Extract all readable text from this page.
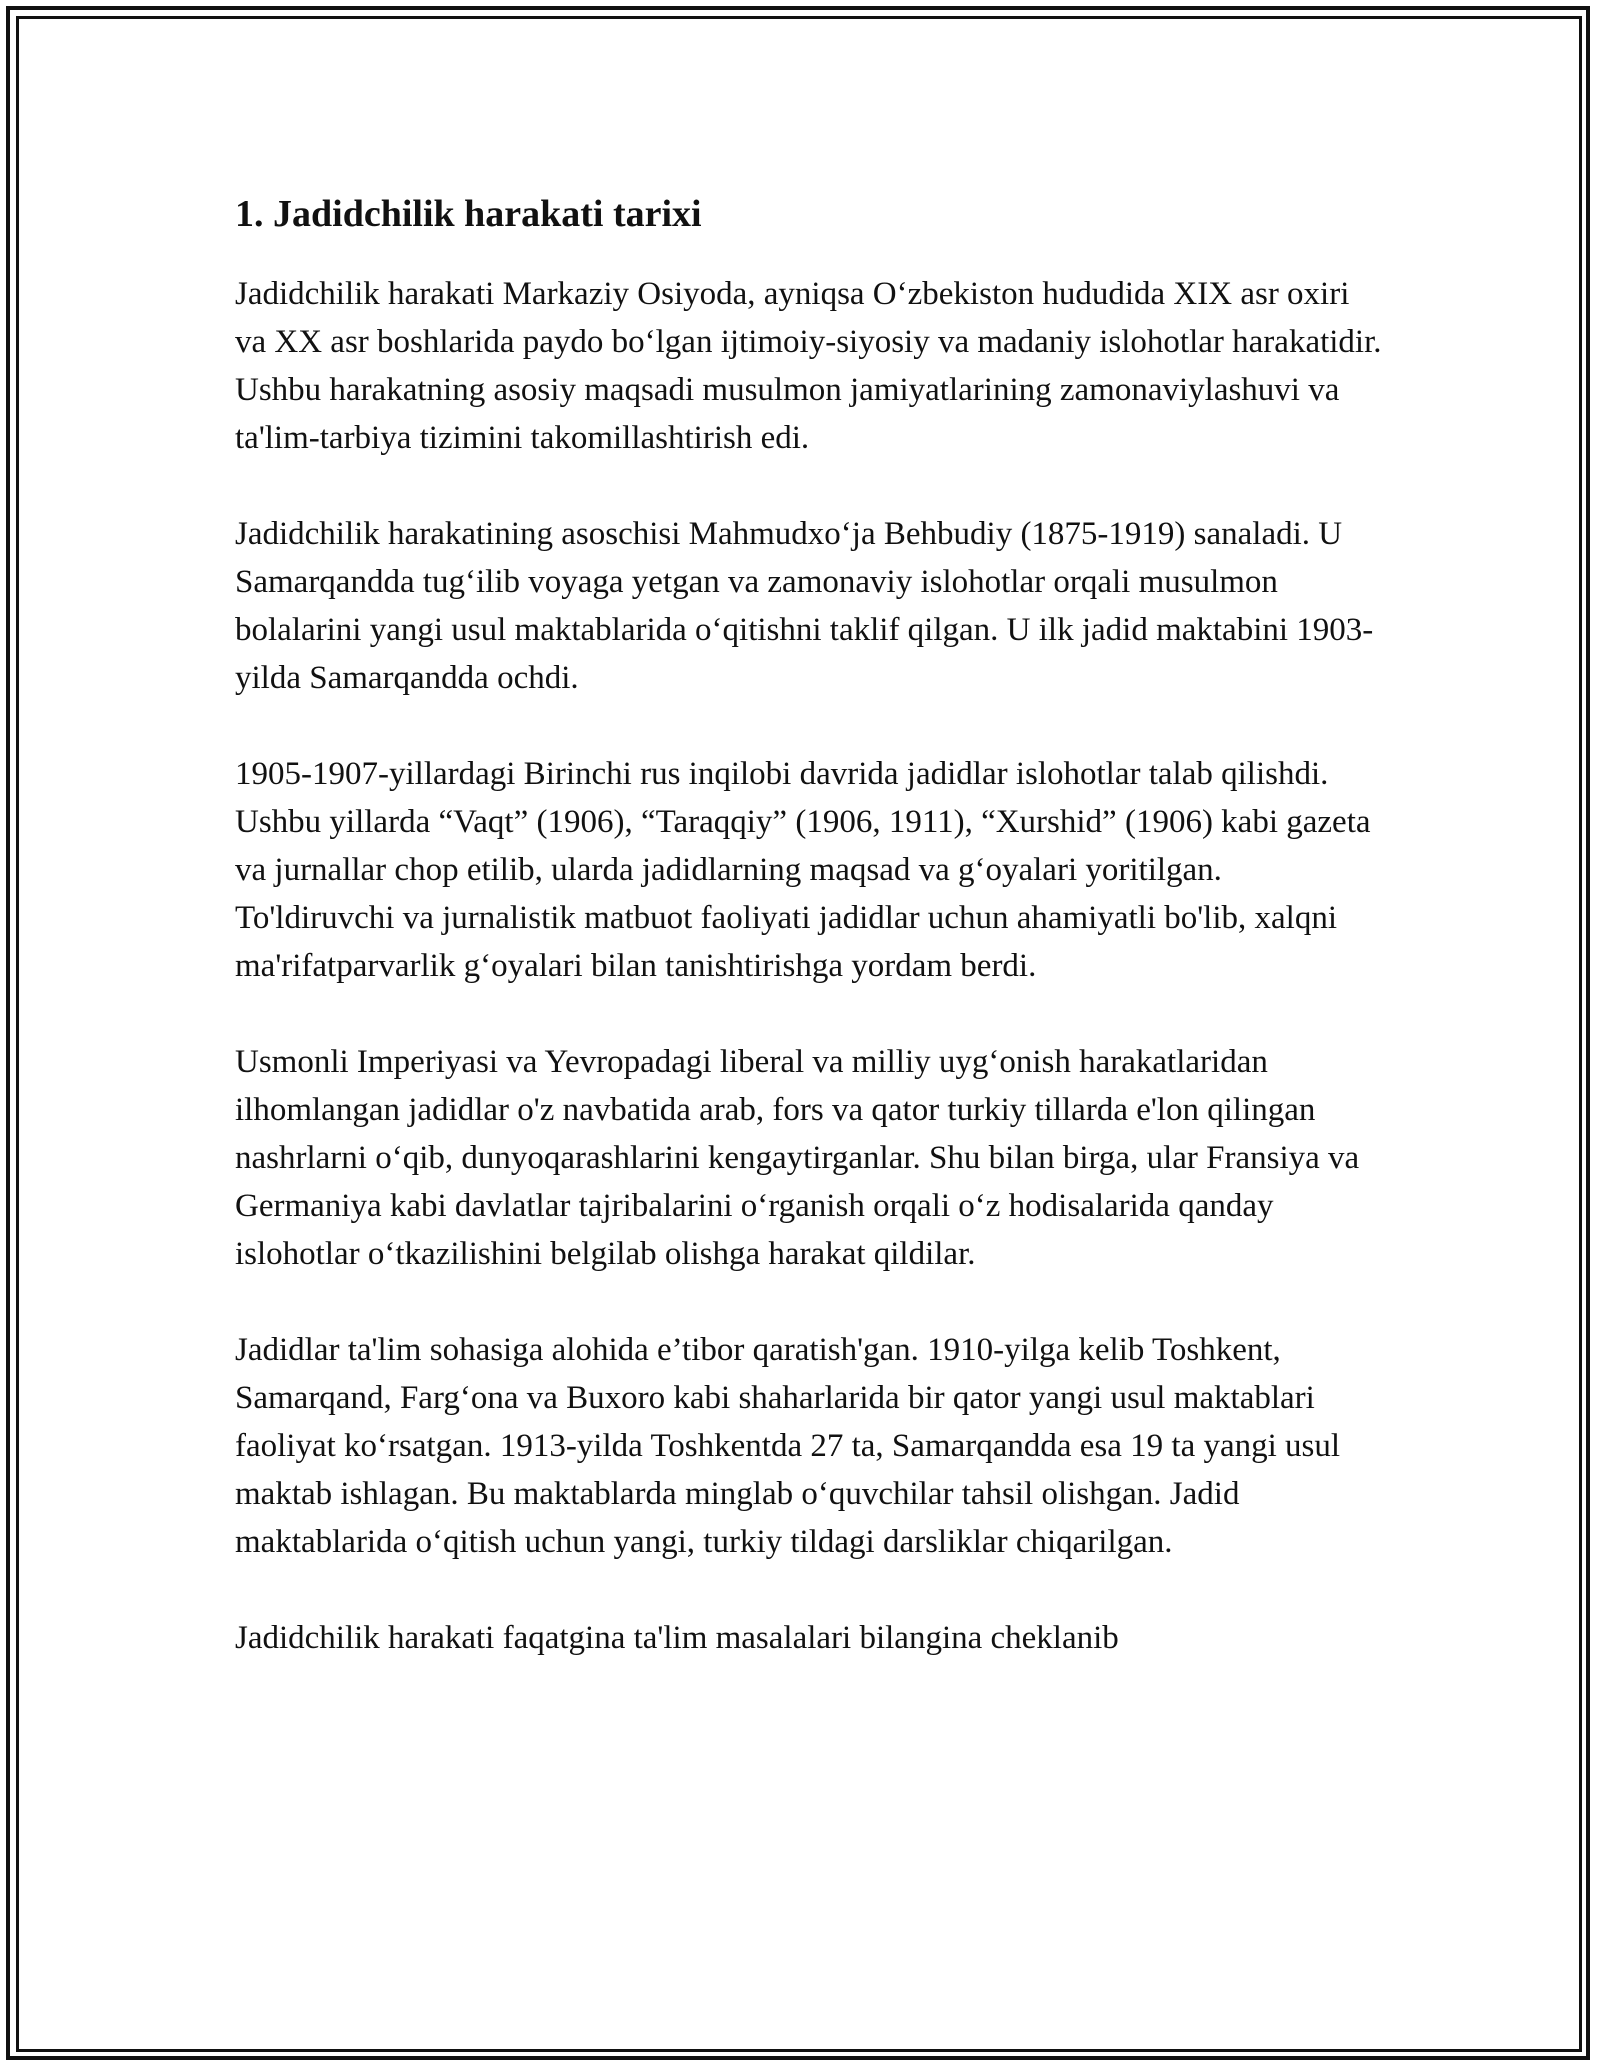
1. Jadidchilik harakati tarixi

Jadidchilik harakati Markaziy Osiyoda, ayniqsa O‘zbekiston hududida XIX asr oxiri va XX asr boshlarida paydo bo‘lgan ijtimoiy-siyosiy va madaniy islohotlar harakatidir. Ushbu harakatning asosiy maqsadi musulmon jamiyatlarining zamonaviylashuvi va ta'lim-tarbiya tizimini takomillashtirish edi.

Jadidchilik harakatining asoschisi Mahmudxo‘ja Behbudiy (1875-1919) sanaladi. U Samarqandda tug‘ilib voyaga yetgan va zamonaviy islohotlar orqali musulmon bolalarini yangi usul maktablarida o‘qitishni taklif qilgan. U ilk jadid maktabini 1903-yilda Samarqandda ochdi.

1905-1907-yillardagi Birinchi rus inqilobi davrida jadidlar islohotlar talab qilishdi. Ushbu yillarda “Vaqt” (1906), “Taraqqiy” (1906, 1911), “Xurshid” (1906) kabi gazeta va jurnallar chop etilib, ularda jadidlarning maqsad va g‘oyalari yoritilgan. To'ldiruvchi va jurnalistik matbuot faoliyati jadidlar uchun ahamiyatli bo'lib, xalqni ma'rifatparvarlik g‘oyalari bilan tanishtirishga yordam berdi.

Usmonli Imperiyasi va Yevropadagi liberal va milliy uyg‘onish harakatlaridan ilhomlangan jadidlar o'z navbatida arab, fors va qator turkiy tillarda e'lon qilingan nashrlarni o‘qib, dunyoqarashlarini kengaytirganlar. Shu bilan birga, ular Fransiya va Germaniya kabi davlatlar tajribalarini o‘rganish orqali o‘z hodisalarida qanday islohotlar o‘tkazilishini belgilab olishga harakat qildilar.

Jadidlar ta'lim sohasiga alohida e’tibor qaratish'gan. 1910-yilga kelib Toshkent, Samarqand, Farg‘ona va Buxoro kabi shaharlarida bir qator yangi usul maktablari faoliyat ko‘rsatgan. 1913-yilda Toshkentda 27 ta, Samarqandda esa 19 ta yangi usul maktab ishlagan. Bu maktablarda minglab o‘quvchilar tahsil olishgan. Jadid maktablarida o‘qitish uchun yangi, turkiy tildagi darsliklar chiqarilgan.

Jadidchilik harakati faqatgina ta'lim masalalari bilangina cheklanib
